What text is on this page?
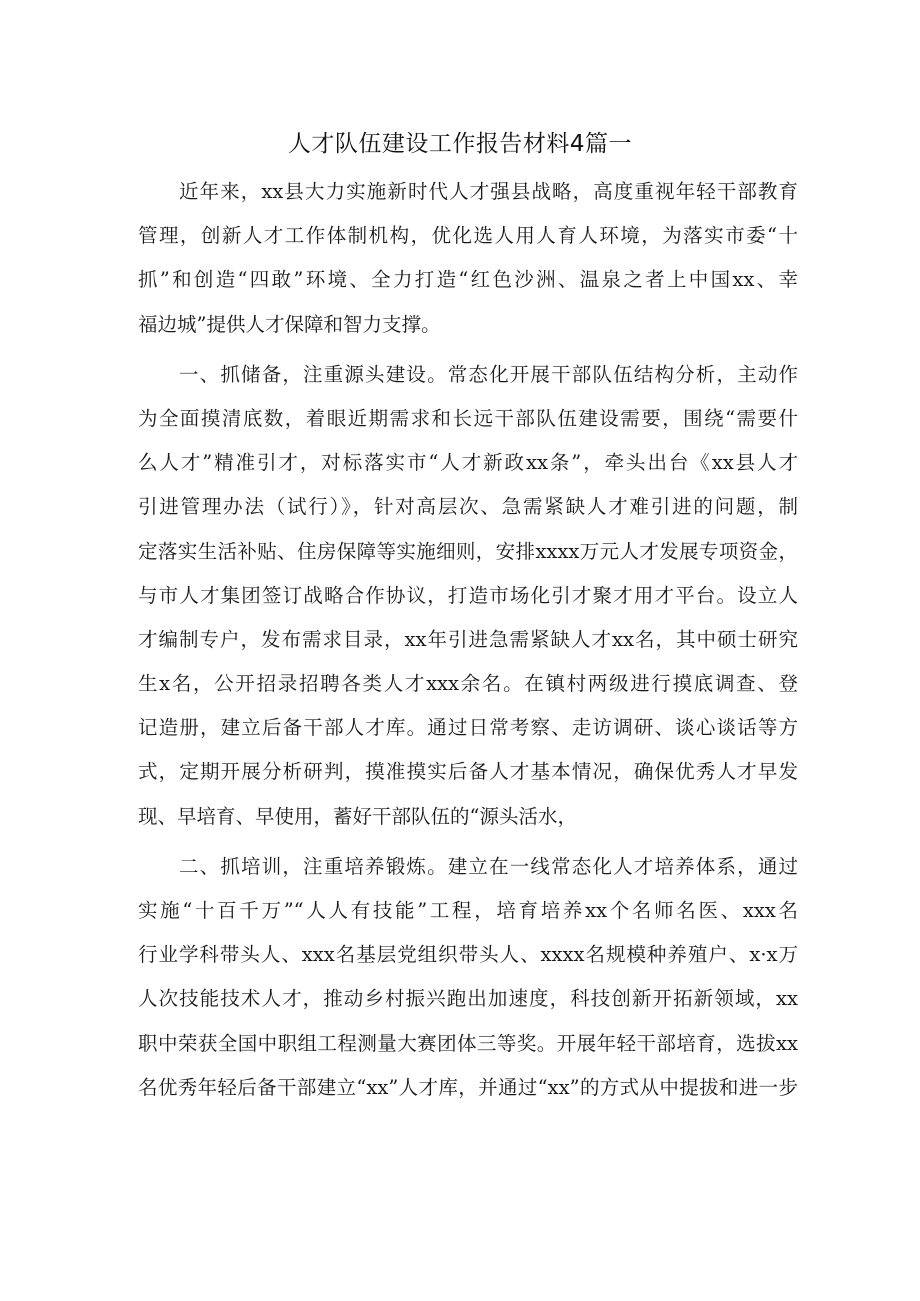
人才队伍建设工作报告材料4篇一
近年来，xx县大力实施新时代人才强县战略，高度重视年轻干部教育
管理，创新人才工作体制机构，优化选人用人育人环境，为落实市委“十
抓”和创造“四敢”环境、全力打造“红色沙洲、温泉之者上中国xx、幸
福边城”提供人才保障和智力支撑。
一、抓储备，注重源头建设。常态化开展干部队伍结构分析，主动作
为全面摸清底数，着眼近期需求和长远干部队伍建设需要，围绕“需要什
么人才”精准引才，对标落实市“人才新政xx条”，牵头出台《xx县人才
引进管理办法（试行）》，针对高层次、急需紧缺人才难引进的问题，制
定落实生活补贴、住房保障等实施细则，安排xxxx万元人才发展专项资金，
与市人才集团签订战略合作协议，打造市场化引才聚才用才平台。设立人
才编制专户，发布需求目录，xx年引进急需紧缺人才xx名，其中硕士研究
生x名，公开招录招聘各类人才xxx余名。在镇村两级进行摸底调查、登
记造册，建立后备干部人才库。通过日常考察、走访调研、谈心谈话等方
式，定期开展分析研判，摸准摸实后备人才基本情况，确保优秀人才早发
现、早培育、早使用，蓄好干部队伍的“源头活水，
二、抓培训，注重培养锻炼。建立在一线常态化人才培养体系，通过
实施“十百千万”“人人有技能”工程，培育培养xx个名师名医、xxx名
行业学科带头人、xxx名基层党组织带头人、xxxx名规模种养殖户、x·x万
人次技能技术人才，推动乡村振兴跑出加速度，科技创新开拓新领域，xx
职中荣获全国中职组工程测量大赛团体三等奖。开展年轻干部培育，选拔xx
名优秀年轻后备干部建立“xx”人才库，并通过“xx”的方式从中提拔和进一步
